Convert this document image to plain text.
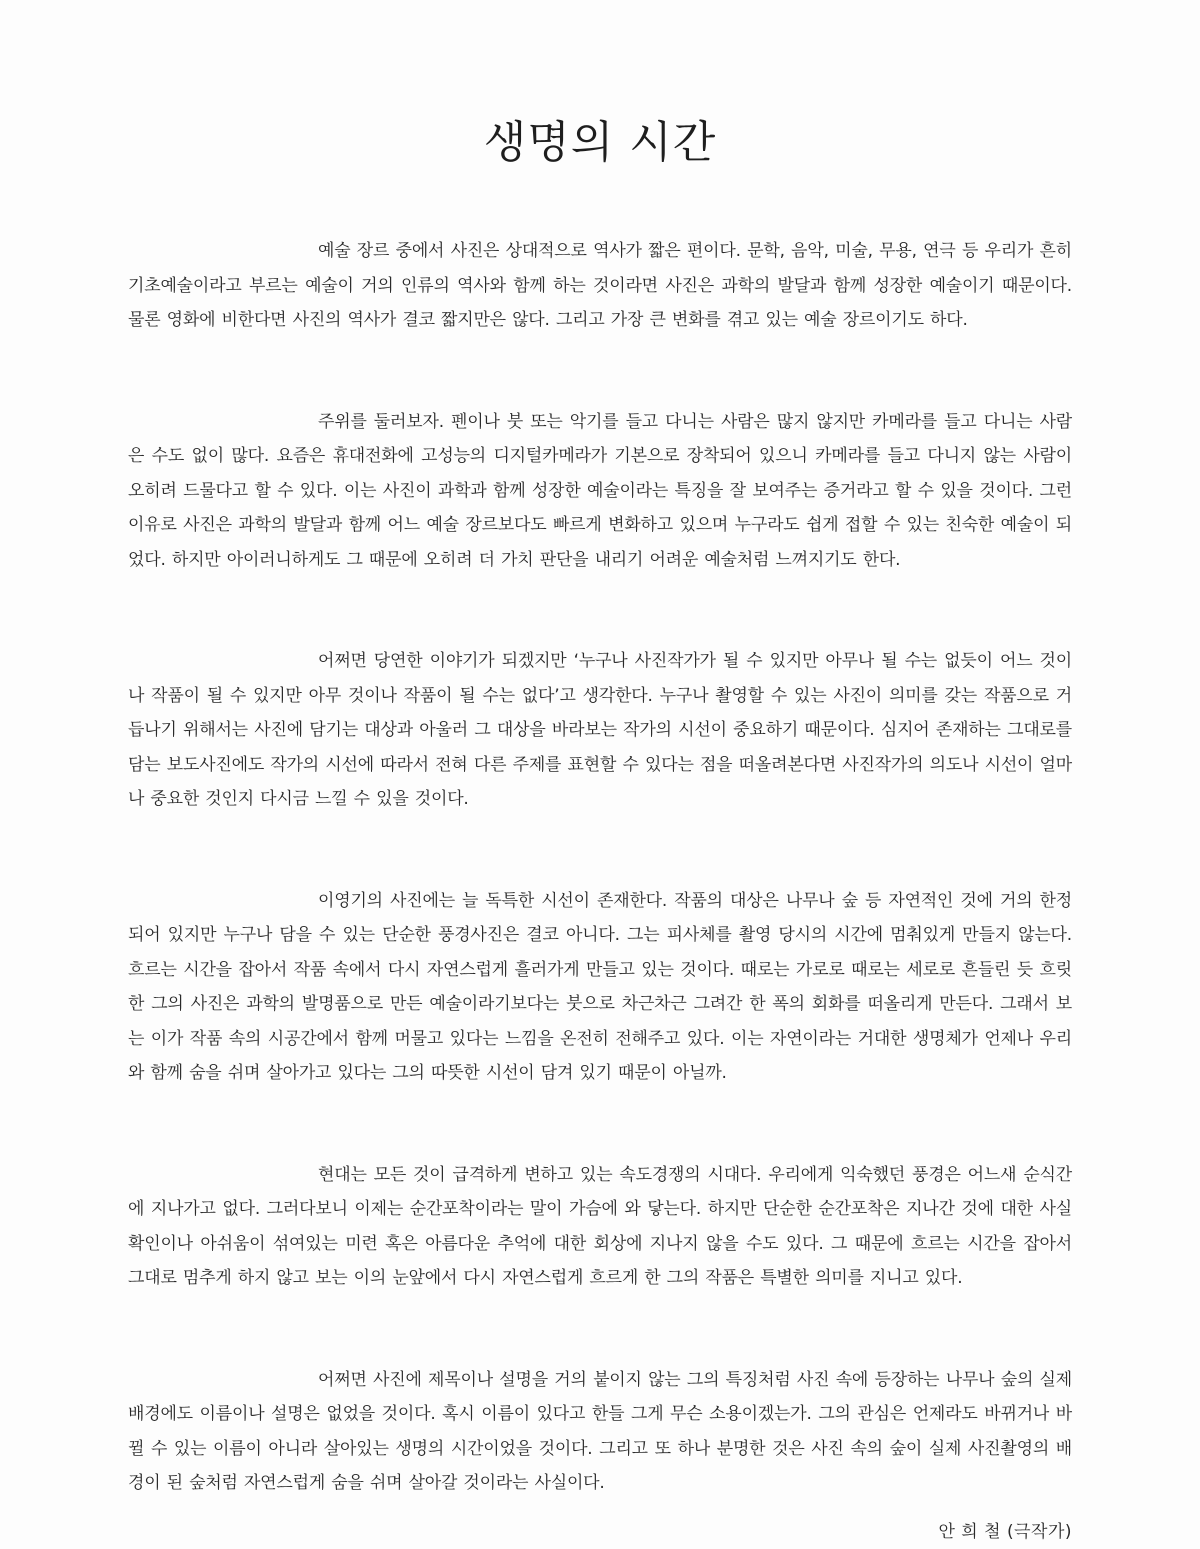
생명의 시간

예술 장르 중에서 사진은 상대적으로 역사가 짧은 편이다. 문학, 음악, 미술, 무용, 연극 등 우리가 흔히 기초예술이라고 부르는 예술이 거의 인류의 역사와 함께 하는 것이라면 사진은 과학의 발달과 함께 성장한 예술이기 때문이다. 물론 영화에 비한다면 사진의 역사가 결코 짧지만은 않다. 그리고 가장 큰 변화를 겪고 있는 예술 장르이기도 하다.

주위를 둘러보자. 펜이나 붓 또는 악기를 들고 다니는 사람은 많지 않지만 카메라를 들고 다니는 사람은 수도 없이 많다. 요즘은 휴대전화에 고성능의 디지털카메라가 기본으로 장착되어 있으니 카메라를 들고 다니지 않는 사람이 오히려 드물다고 할 수 있다. 이는 사진이 과학과 함께 성장한 예술이라는 특징을 잘 보여주는 증거라고 할 수 있을 것이다. 그런 이유로 사진은 과학의 발달과 함께 어느 예술 장르보다도 빠르게 변화하고 있으며 누구라도 쉽게 접할 수 있는 친숙한 예술이 되었다. 하지만 아이러니하게도 그 때문에 오히려 더 가치 판단을 내리기 어려운 예술처럼 느껴지기도 한다.

어쩌면 당연한 이야기가 되겠지만 ‘누구나 사진작가가 될 수 있지만 아무나 될 수는 없듯이 어느 것이나 작품이 될 수 있지만 아무 것이나 작품이 될 수는 없다’고 생각한다. 누구나 촬영할 수 있는 사진이 의미를 갖는 작품으로 거듭나기 위해서는 사진에 담기는 대상과 아울러 그 대상을 바라보는 작가의 시선이 중요하기 때문이다. 심지어 존재하는 그대로를 담는 보도사진에도 작가의 시선에 따라서 전혀 다른 주제를 표현할 수 있다는 점을 떠올려본다면 사진작가의 의도나 시선이 얼마나 중요한 것인지 다시금 느낄 수 있을 것이다.

이영기의 사진에는 늘 독특한 시선이 존재한다. 작품의 대상은 나무나 숲 등 자연적인 것에 거의 한정되어 있지만 누구나 담을 수 있는 단순한 풍경사진은 결코 아니다. 그는 피사체를 촬영 당시의 시간에 멈춰있게 만들지 않는다. 흐르는 시간을 잡아서 작품 속에서 다시 자연스럽게 흘러가게 만들고 있는 것이다. 때로는 가로로 때로는 세로로 흔들린 듯 흐릿한 그의 사진은 과학의 발명품으로 만든 예술이라기보다는 붓으로 차근차근 그려간 한 폭의 회화를 떠올리게 만든다. 그래서 보는 이가 작품 속의 시공간에서 함께 머물고 있다는 느낌을 온전히 전해주고 있다. 이는 자연이라는 거대한 생명체가 언제나 우리와 함께 숨을 쉬며 살아가고 있다는 그의 따뜻한 시선이 담겨 있기 때문이 아닐까.

현대는 모든 것이 급격하게 변하고 있는 속도경쟁의 시대다. 우리에게 익숙했던 풍경은 어느새 순식간에 지나가고 없다. 그러다보니 이제는 순간포착이라는 말이 가슴에 와 닿는다. 하지만 단순한 순간포착은 지나간 것에 대한 사실 확인이나 아쉬움이 섞여있는 미련 혹은 아름다운 추억에 대한 회상에 지나지 않을 수도 있다. 그 때문에 흐르는 시간을 잡아서 그대로 멈추게 하지 않고 보는 이의 눈앞에서 다시 자연스럽게 흐르게 한 그의 작품은 특별한 의미를 지니고 있다.

어쩌면 사진에 제목이나 설명을 거의 붙이지 않는 그의 특징처럼 사진 속에 등장하는 나무나 숲의 실제 배경에도 이름이나 설명은 없었을 것이다. 혹시 이름이 있다고 한들 그게 무슨 소용이겠는가. 그의 관심은 언제라도 바뀌거나 바뀔 수 있는 이름이 아니라 살아있는 생명의 시간이었을 것이다. 그리고 또 하나 분명한 것은 사진 속의 숲이 실제 사진촬영의 배경이 된 숲처럼 자연스럽게 숨을 쉬며 살아갈 것이라는 사실이다.

안 희 철 (극작가)
